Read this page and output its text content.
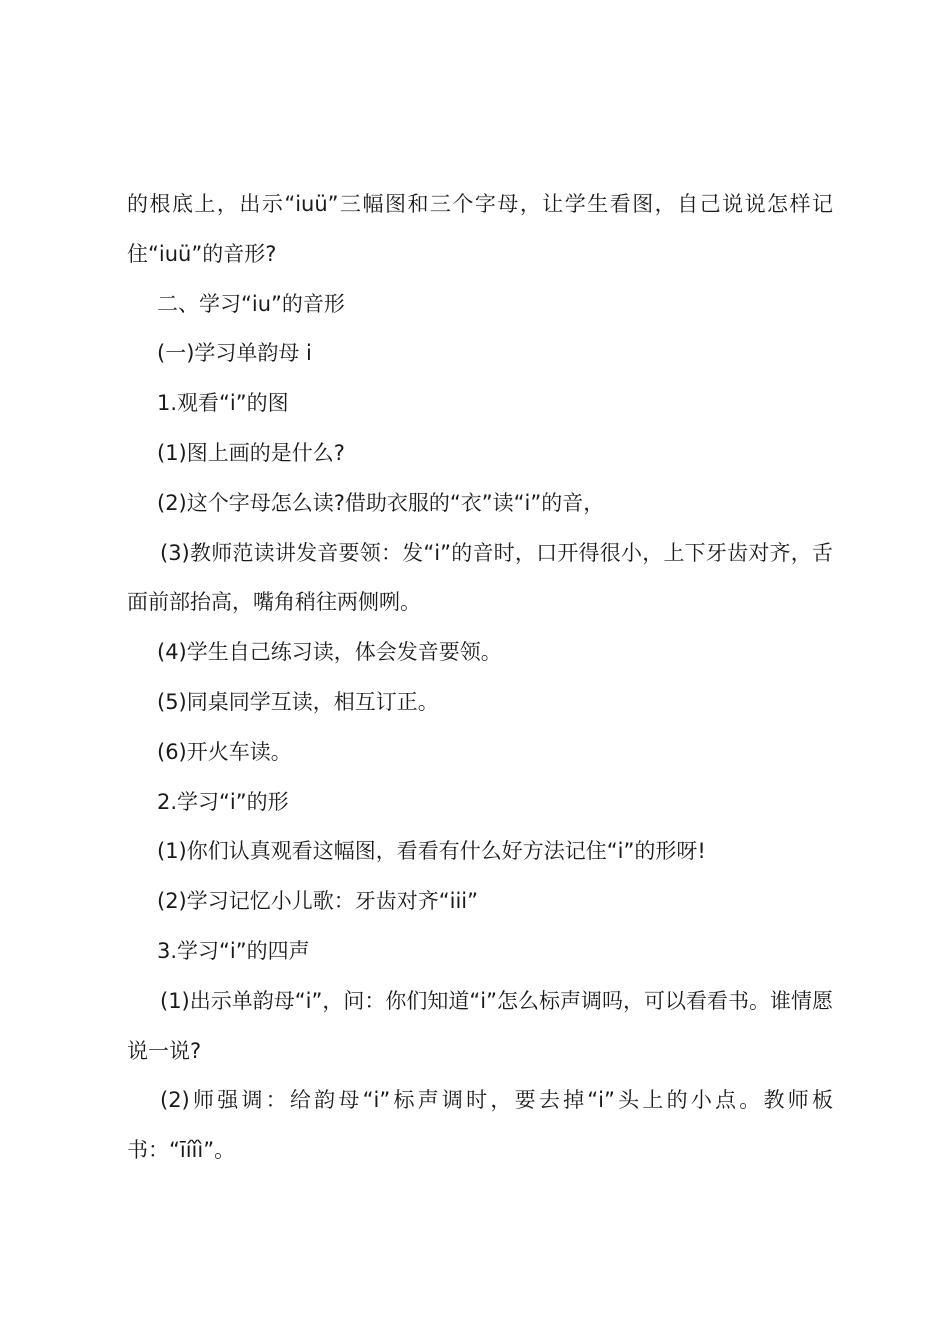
的根底上，出示“iuü”三幅图和三个字母，让学生看图，自己说说怎样记住“iuü”的音形?

二、学习“iu”的音形

(一)学习单韵母 i

1.观看“i”的图

(1)图上画的是什么?

(2)这个字母怎么读?借助衣服的“衣”读“i”的音，

(3)教师范读讲发音要领：发“i”的音时，口开得很小，上下牙齿对齐，舌面前部抬高，嘴角稍往两侧咧。

(4)学生自己练习读，体会发音要领。

(5)同桌同学互读，相互订正。

(6)开火车读。

2.学习“i”的形

(1)你们认真观看这幅图，看看有什么好方法记住“i”的形呀!

(2)学习记忆小儿歌：牙齿对齐“iii”

3.学习“i”的四声

(1)出示单韵母“i”，问：你们知道“i”怎么标声调吗，可以看看书。谁情愿说一说?

(2)师强调：给韵母“i”标声调时，要去掉“i”头上的小点。教师板书：“īíǐì”。
